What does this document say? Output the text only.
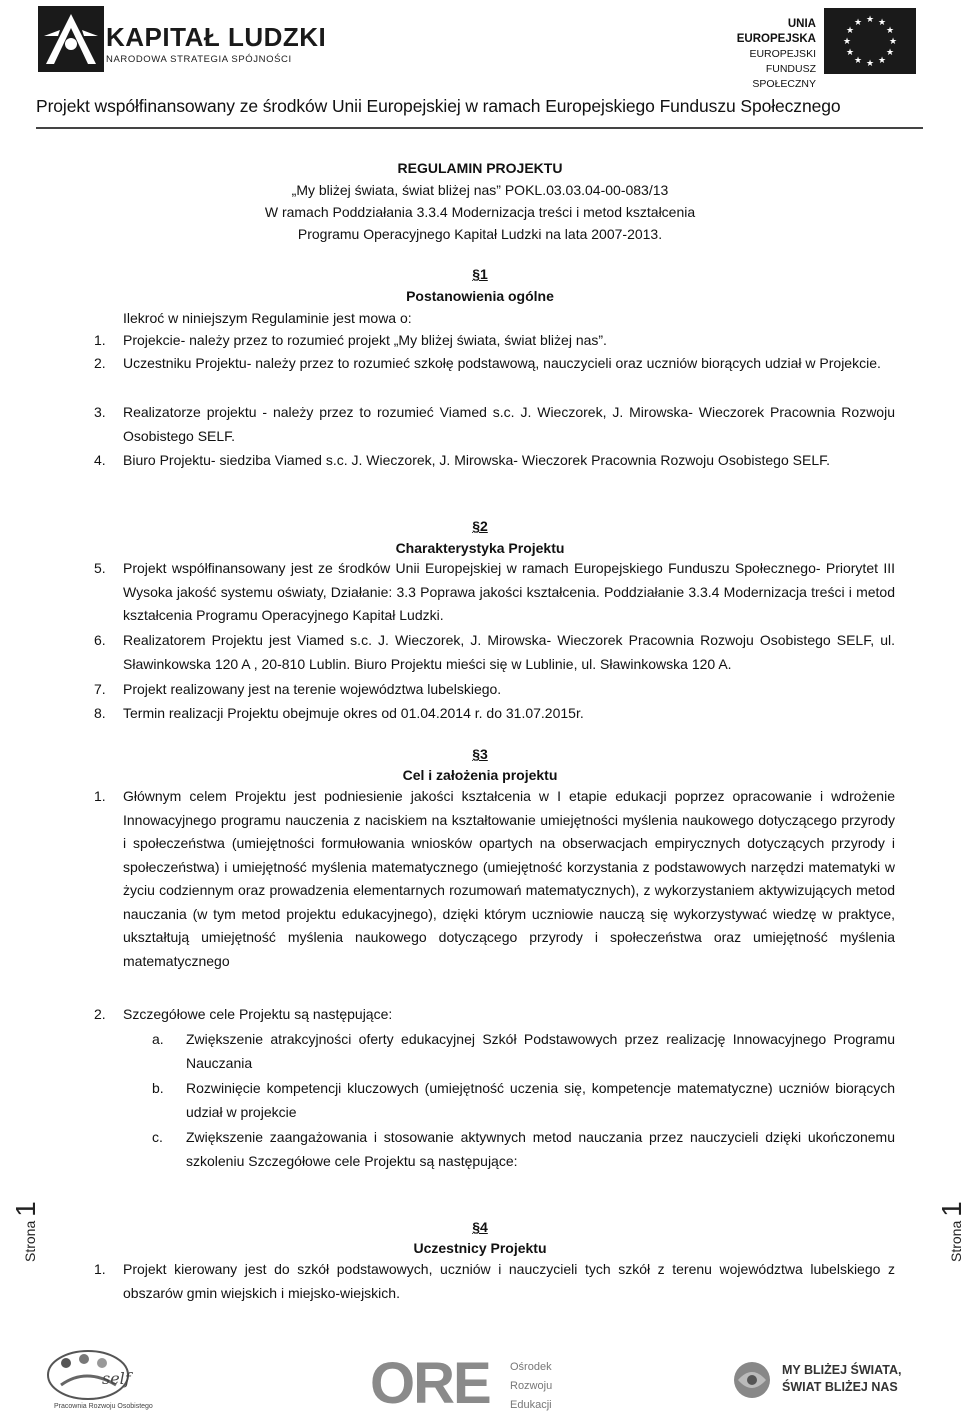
KAPITAŁ LUDZKI
NARODOWA STRATEGIA SPÓJNOŚCI
UNIA EUROPEJSKA
EUROPEJSKI
FUNDUSZ SPOŁECZNY
★ ★
★
★
★
★
★
★
★
★
★
★
Projekt współfinansowany ze środków Unii Europejskiej w ramach Europejskiego Funduszu Społecznego
REGULAMIN PROJEKTU
„My bliżej świata, świat bliżej nas” POKL.03.03.04-00-083/13
W ramach Poddziałania 3.3.4 Modernizacja treści i metod kształcenia
Programu Operacyjnego Kapitał Ludzki na lata 2007-2013.
§1
Postanowienia ogólne
Ilekroć w niniejszym Regulaminie jest mowa o:
1. Projekcie- należy przez to rozumieć projekt „My bliżej świata, świat bliżej nas”.
2. Uczestniku Projektu- należy przez to rozumieć szkołę podstawową, nauczycieli oraz uczniów biorących udział w Projekcie.
3. Realizatorze projektu - należy przez to rozumieć Viamed s.c. J. Wieczorek, J. Mirowska- Wieczorek Pracownia Rozwoju Osobistego SELF.
4. Biuro Projektu- siedziba Viamed s.c. J. Wieczorek, J. Mirowska- Wieczorek Pracownia Rozwoju Osobistego SELF.
§2
Charakterystyka Projektu
5. Projekt współfinansowany jest ze środków Unii Europejskiej w ramach Europejskiego Funduszu Społecznego- Priorytet III Wysoka jakość systemu oświaty, Działanie: 3.3 Poprawa jakości kształcenia. Poddziałanie 3.3.4 Modernizacja treści i metod kształcenia Programu Operacyjnego Kapitał Ludzki.
6. Realizatorem Projektu jest Viamed s.c. J. Wieczorek, J. Mirowska- Wieczorek Pracownia Rozwoju Osobistego SELF, ul. Sławinkowska 120 A , 20-810 Lublin. Biuro Projektu mieści się w Lublinie, ul. Sławinkowska 120 A.
7. Projekt realizowany jest na terenie województwa lubelskiego.
8. Termin realizacji Projektu obejmuje okres od 01.04.2014 r. do 31.07.2015r.
§3
Cel i założenia projektu
1. Głównym celem Projektu jest podniesienie jakości kształcenia w I etapie edukacji poprzez opracowanie i wdrożenie Innowacyjnego programu nauczenia z naciskiem na kształtowanie umiejętności myślenia naukowego dotyczącego przyrody i społeczeństwa (umiejętności formułowania wniosków opartych na obserwacjach empirycznych dotyczących przyrody i społeczeństwa) i umiejętność myślenia matematycznego (umiejętność korzystania z podstawowych narzędzi matematyki w życiu codziennym oraz prowadzenia elementarnych rozumowań matematycznych), z wykorzystaniem aktywizujących metod nauczania (w tym metod projektu edukacyjnego), dzięki którym uczniowie nauczą się wykorzystywać wiedzę w praktyce, ukształtują umiejętność myślenia naukowego dotyczącego przyrody i społeczeństwa oraz umiejętność myślenia matematycznego
2. Szczegółowe cele Projektu są następujące:
a. Zwiększenie atrakcyjności oferty edukacyjnej Szkół Podstawowych przez realizację Innowacyjnego Programu Nauczania
b. Rozwinięcie kompetencji kluczowych (umiejętność uczenia się, kompetencje matematyczne) uczniów biorących udział w projekcie
c. Zwiększenie zaangażowania i stosowanie aktywnych metod nauczania przez nauczycieli dzięki ukończonemu szkoleniu Szczegółowe cele Projektu są następujące:
§4
Uczestnicy Projektu
1. Projekt kierowany jest do szkół podstawowych, uczniów i nauczycieli tych szkół z terenu województwa lubelskiego z obszarów gmin wiejskich i miejsko-wiejskich.
Strona 1
Strona 1
self
Pracownia Rozwoju Osobistego	ORE Ośrodek
Rozwoju
Edukacji
MY BLIŻEJ ŚWIATA,
ŚWIAT BLIŻEJ NAS
